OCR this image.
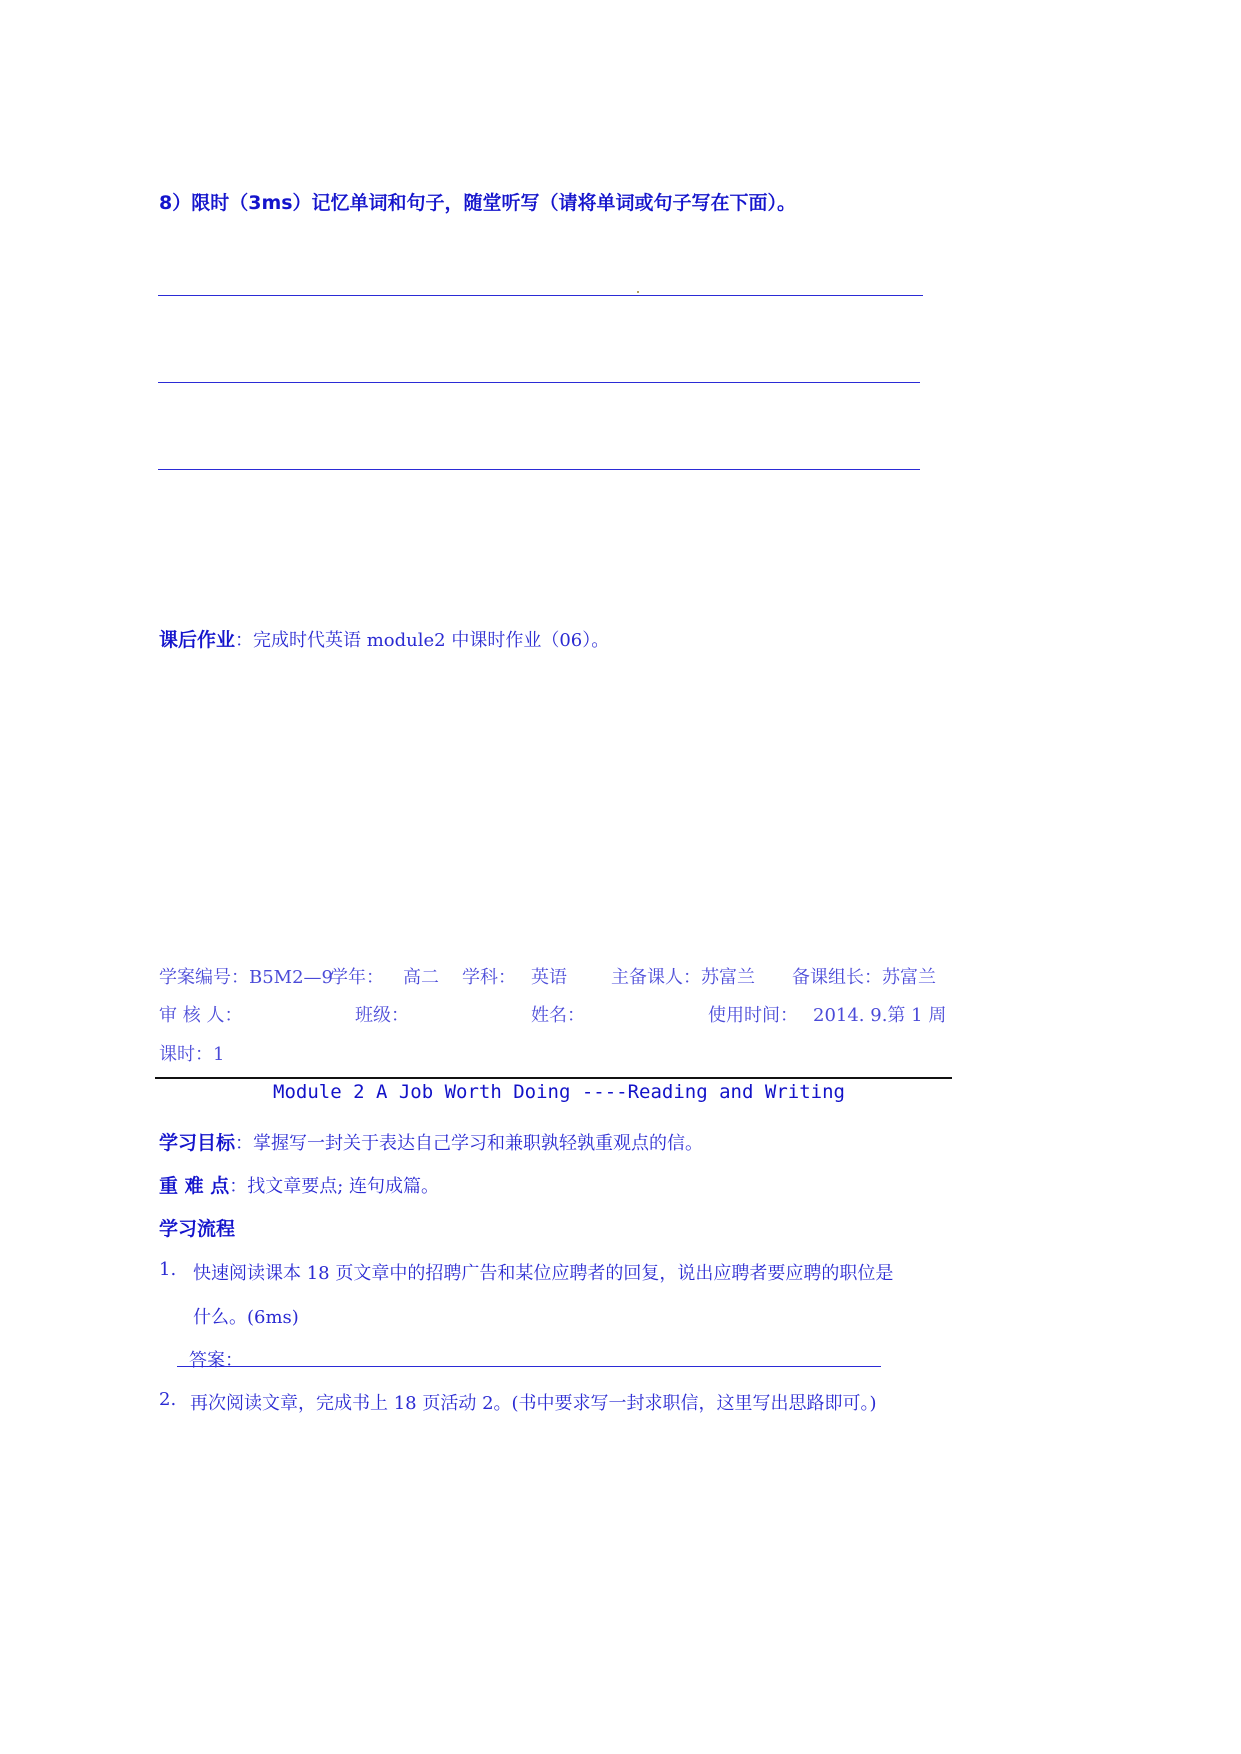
8）限时（3ms）记忆单词和句子，随堂听写（请将单词或句子写在下面）。
课后作业：完成时代英语 module2 中课时作业（06）。
学案编号：B5M2—9
学年： 高二 学科： 英语 主备课人：苏富兰 备课组长：苏富兰
审 核 人：	班级：	姓名：	使用时间： 2014. 9.第 1 周
课时：1
Module 2 A Job Worth Doing ----Reading and Writing
学习目标：掌握写一封关于表达自己学习和兼职孰轻孰重观点的信。
重 难 点：找文章要点; 连句成篇。
学习流程
1. 快速阅读课本 18 页文章中的招聘广告和某位应聘者的回复，说出应聘者要应聘的职位是
什么。(6ms)
答案：
2. 再次阅读文章，完成书上 18 页活动 2。(书中要求写一封求职信，这里写出思路即可。)
